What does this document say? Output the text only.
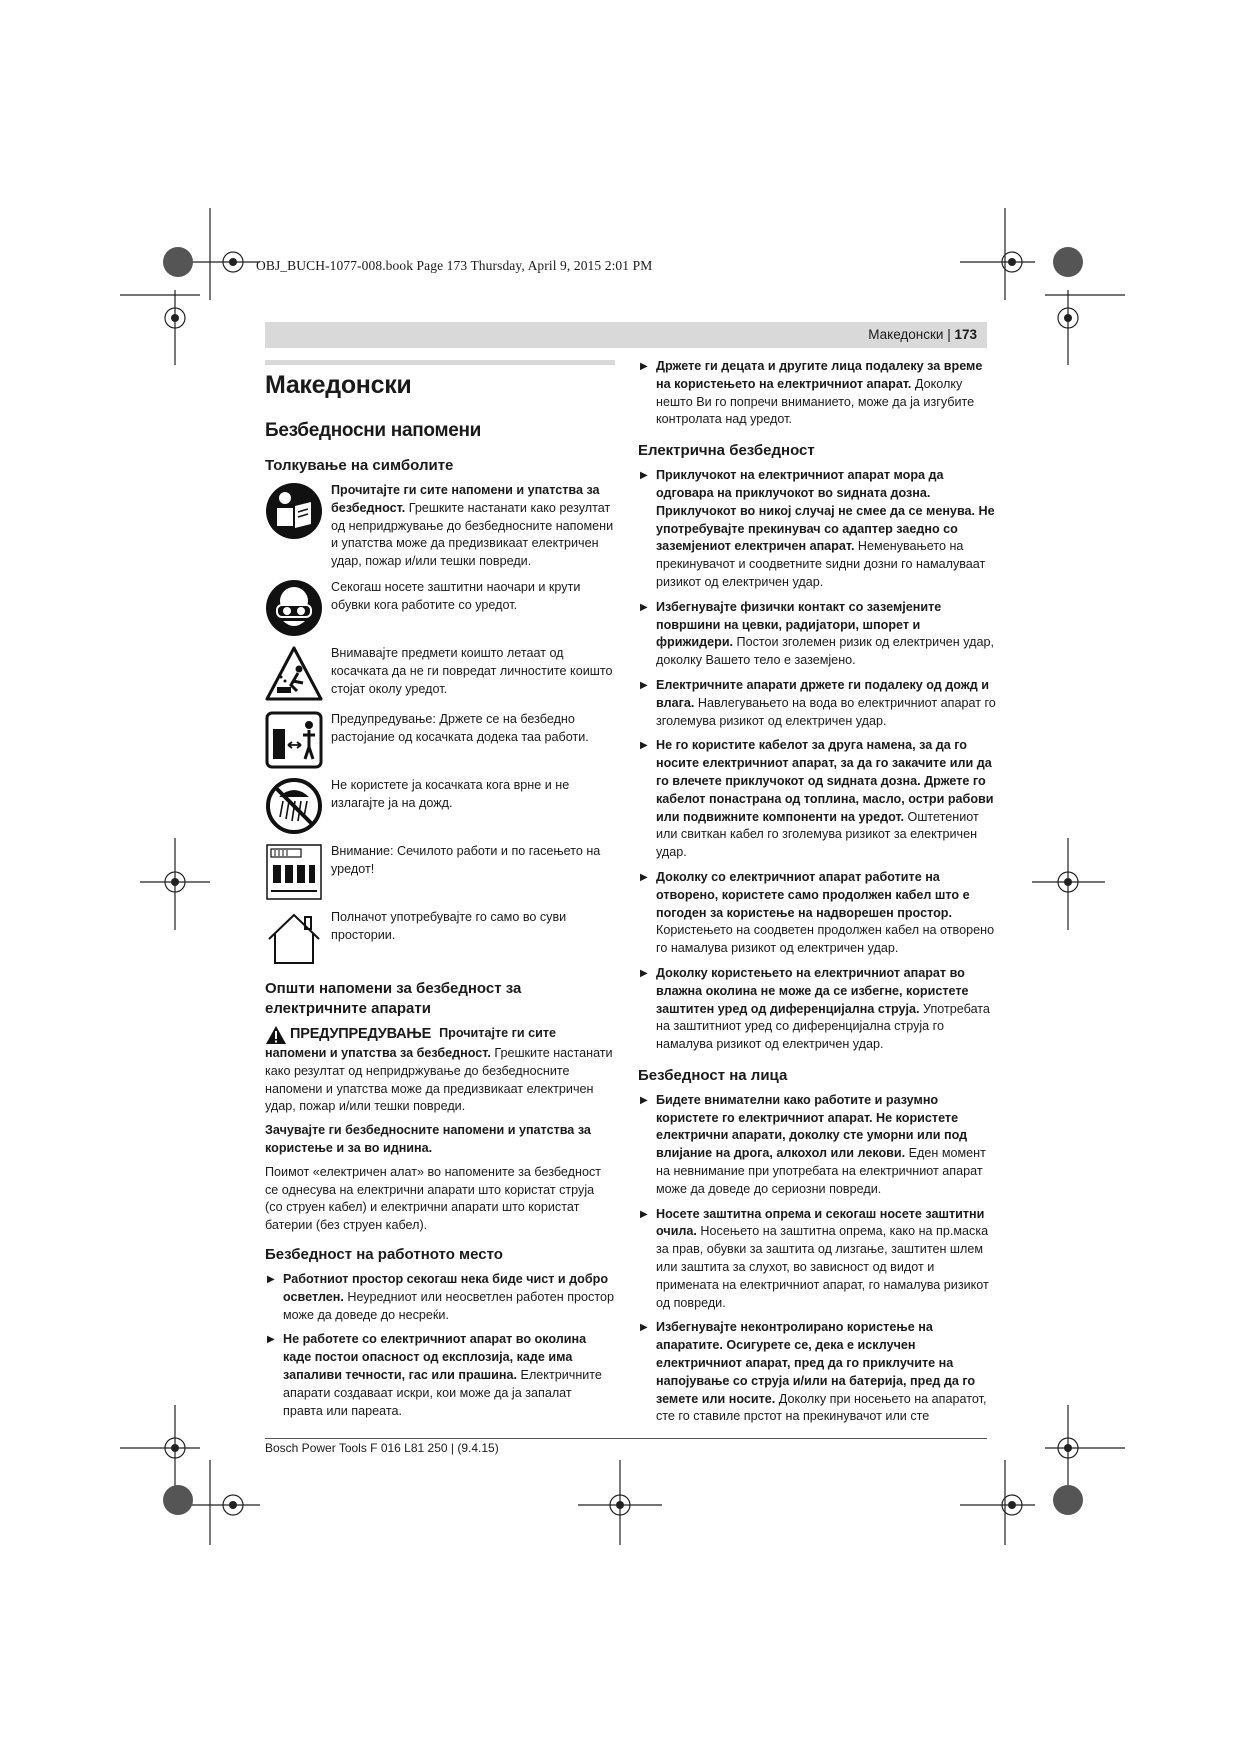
OBJ_BUCH-1077-008.book Page 173 Thursday, April 9, 2015 2:01 PM
Македонски | 173
Македонски
Безбедносни напомени
Толкување на симболите
Прочитајте ги сите напомени и упатства за безбедност. Грешките настанати како резултат од непридржување до безбедносните напомени и упатства може да предизвикаат електричен удар, пожар и/или тешки повреди.
Секогаш носете заштитни наочари и крути обувки кога работите со уредот.
Внимавајте предмети коишто летаат од косачката да не ги повредат личностите коишто стојат околу уредот.
Предупредување: Држете се на безбедно растојание од косачката додека таа работи.
Не користете ја косачката кога врне и не излагајте ја на дожд.
Внимание: Сечилото работи и по гасењето на уредот!
Полначот употребувајте го само во суви простории.
Општи напомени за безбедност за електричните апарати
ПРЕДУПРЕДУВАЊЕ Прочитајте ги сите напомени и упатства за безбедност. Грешките настанати како резултат од непридржување до безбедносните напомени и упатства може да предизвикаат електричен удар, пожар и/или тешки повреди.
Зачувајте ги безбедносните напомени и упатства за користење и за во иднина.
Поимот «електричен алат» во напомените за безбедност се однесува на електрични апарати што користат струја (со струен кабел) и електрични апарати што користат батерии (без струен кабел).
Безбедност на работното место
▶ Работниот простор секогаш нека биде чист и добро осветлен. Неуредниот или неосветлен работен простор може да доведе до несреќи.
▶ Не работете со електричниот апарат во околина каде постои опасност од експлозија, каде има запаливи течности, гас или прашина. Електричните апарати создаваат искри, кои може да ја запалат правта или пареата.
▶ Држете ги децата и другите лица подалеку за време на користењето на електричниот апарат. Доколку нешто Ви го попречи вниманието, може да ја изгубите контролата над уредот.
Електрична безбедност
▶ Приклучокот на електричниот апарат мора да одговара на приклучокот во ѕидната дозна. Приклучокот во никој случај не смее да се менува. Не употребувајте прекинувач со адаптер заедно со заземјениот електричен апарат. Неменувањето на прекинувачот и соодветните ѕидни дозни го намалуваат ризикот од електричен удар.
▶ Избегнувајте физички контакт со заземјените површини на цевки, радијатори, шпорет и фрижидери. Постои зголемен ризик од електричен удар, доколку Вашето тело е заземјено.
▶ Електричните апарати држете ги подалеку од дожд и влага. Навлегувањето на вода во електричниот апарат го зголемува ризикот од електричен удар.
▶ Не го користите кабелот за друга намена, за да го носите електричниот апарат, за да го закачите или да го влечете приклучокот од ѕидната дозна. Држете го кабелот понастрана од топлина, масло, остри рабови или подвижните компоненти на уредот. Оштетениот или свиткан кабел го зголемува ризикот за електричен удар.
▶ Доколку со електричниот апарат работите на отворено, користете само продолжен кабел што е погоден за користење на надворешен простор. Користењето на соодветен продолжен кабел на отворено го намалува ризикот од електричен удар.
▶ Доколку користењето на електричниот апарат во влажна околина не може да се избегне, користете заштитен уред од диференцијална струја. Употребата на заштитниот уред со диференцијална струја го намалува ризикот од електричен удар.
Безбедност на лица
▶ Бидете внимателни како работите и разумно користете го електричниот апарат. Не користете електрични апарати, доколку сте уморни или под влијание на дрога, алкохол или лекови. Еден момент на невнимание при употребата на електричниот апарат може да доведе до сериозни повреди.
▶ Носете заштитна опрема и секогаш носете заштитни очила. Носењето на заштитна опрема, како на пр.маска за прав, обувки за заштита од лизгање, заштитен шлем или заштита за слухот, во зависност од видот и примената на електричниот апарат, го намалува ризикот од повреди.
▶ Избегнувајте неконтролирано користење на апаратите. Осигурете се, дека е исклучен електричниот апарат, пред да го приклучите на напојување со струја и/или на батерија, пред да го земете или носите. Доколку при носењето на апаратот, сте го ставиле прстот на прекинувачот или сте
Bosch Power Tools F 016 L81 250 | (9.4.15)
